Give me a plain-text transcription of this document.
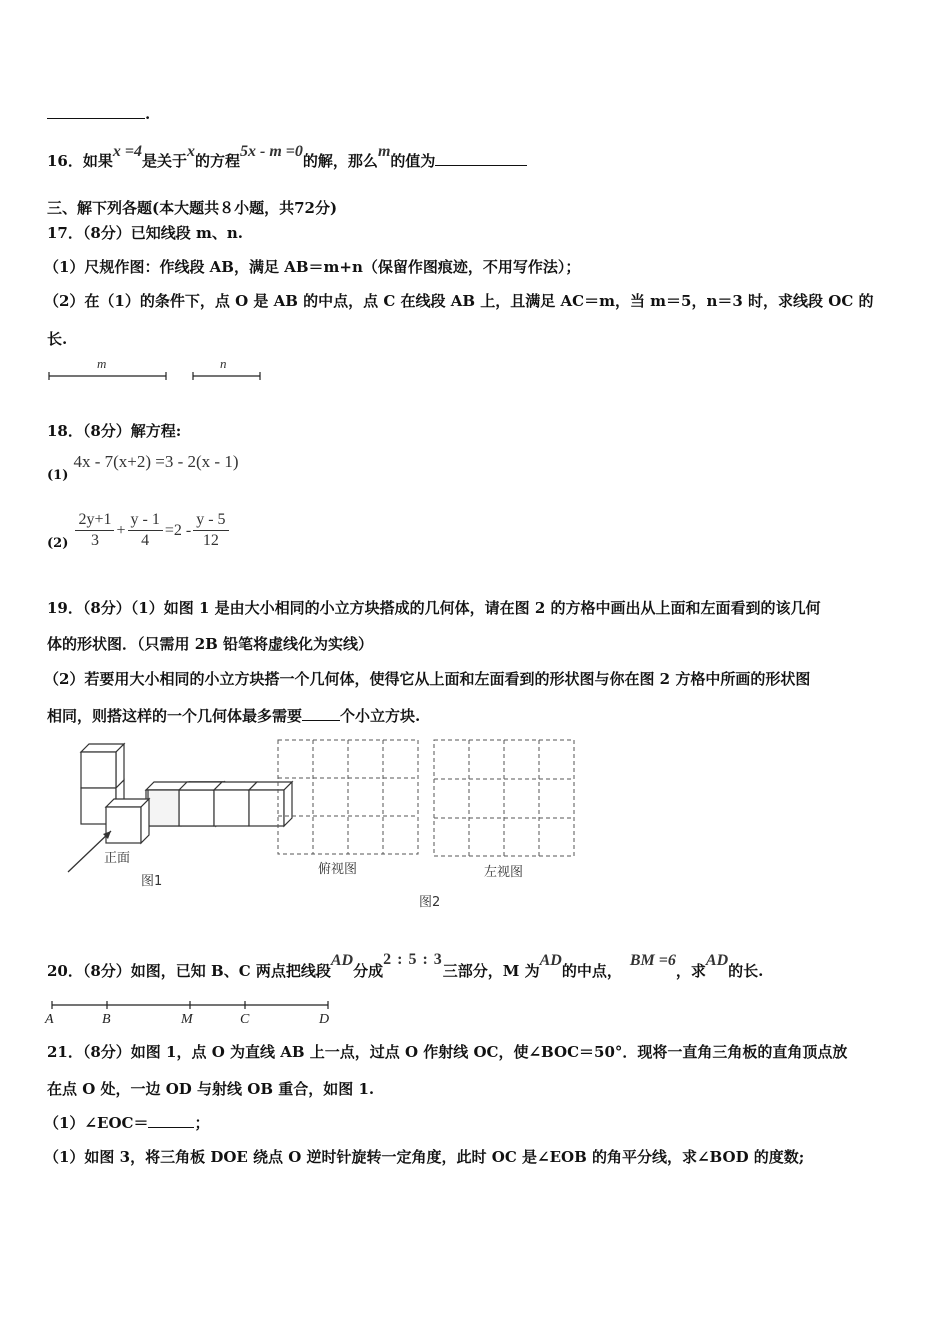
.
16．如果x =4是关于x的方程5x - m =0的解，那么m的值为
三、解下列各题(本大题共８小题，共72分)
17．（8分）已知线段 m、n.
（1）尺规作图：作线段 AB，满足 AB＝m+n（保留作图痕迹，不用写作法）；
（2）在（1）的条件下，点 O 是 AB 的中点，点 C 在线段 AB 上，且满足 AC＝m，当 m＝5，n＝3 时，求线段 OC 的
长.
m	n
18．（8分）解方程:
$_{(1)}$ 4x - 7(x+2) =3 - 2(x - 1)
$_{(2)} \frac{2y+1}{3} + \frac{y - 1}{4} =2 - \frac{y - 5}{12}$
19．（8分）（1）如图 1 是由大小相同的小立方块搭成的几何体，请在图 2 的方格中画出从上面和左面看到的该几何
体的形状图．（只需用 2B 铅笔将虚线化为实线）
（2）若要用大小相同的小立方块搭一个几何体，使得它从上面和左面看到的形状图与你在图 2 方格中所画的形状图
相同，则搭这样的一个几何体最多需要	个小立方块.
正面
图1
俯视图	左视图
图2
20．（8分）如图，已知 B、C 两点把线段AD分成2 : 5 : 3三部分，M 为AD的中点，BM =6，求AD的长.
A	B	M	C	D
21．（8分）如图 1，点 O 为直线 AB 上一点，过点 O 作射线 OC，使∠BOC＝50°．现将一直角三角板的直角顶点放
在点 O 处，一边 OD 与射线 OB 重合，如图 1.
（1）∠EOC＝	；
（1）如图 3，将三角板 DOE 绕点 O 逆时针旋转一定角度，此时 OC 是∠EOB 的角平分线，求∠BOD 的度数;
